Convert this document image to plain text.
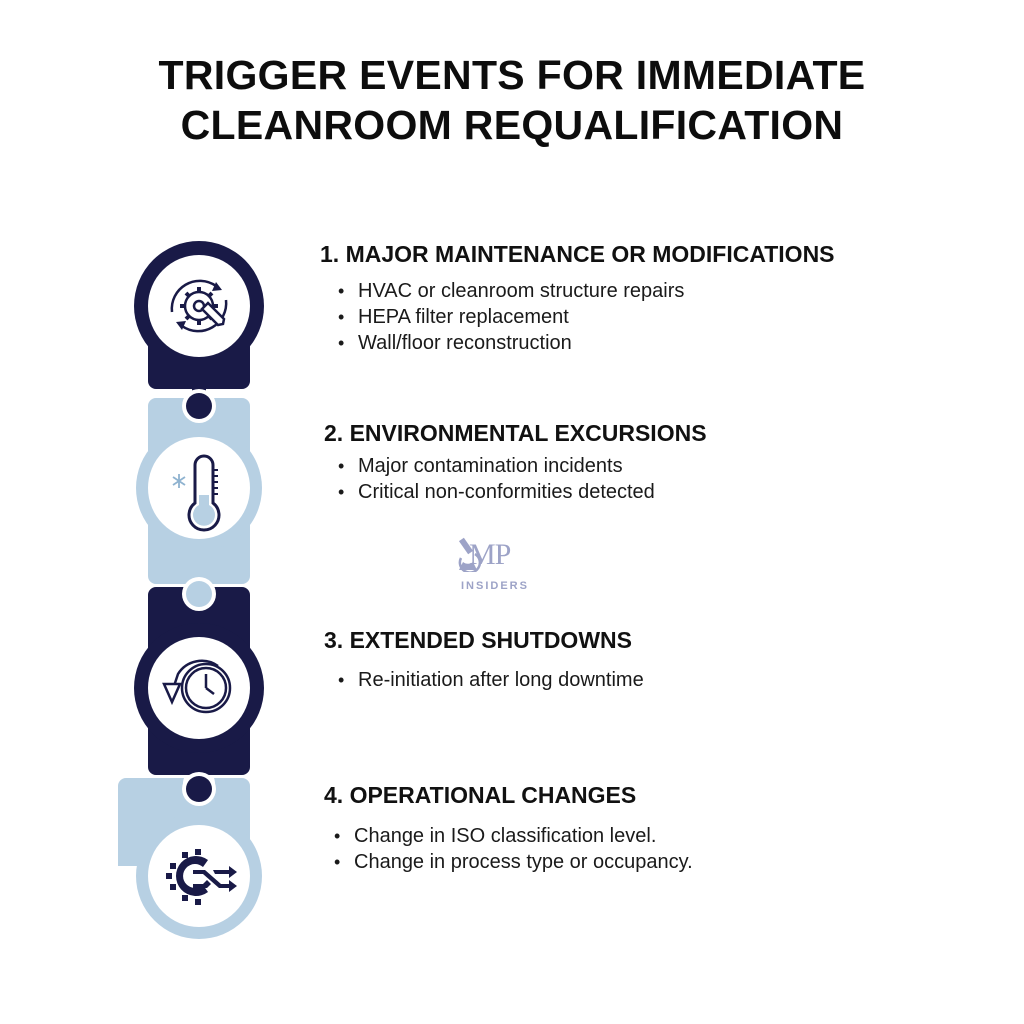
TRIGGER EVENTS FOR IMMEDIATE
CLEANROOM REQUALIFICATION
1. MAJOR MAINTENANCE OR MODIFICATIONS
• HVAC or cleanroom structure repairs
• HEPA filter replacement
• Wall/floor reconstruction
2. ENVIRONMENTAL EXCURSIONS
• Major contamination incidents
• Critical non-conformities detected
MP
INSIDERS
3. EXTENDED SHUTDOWNS
• Re-initiation after long downtime
4. OPERATIONAL CHANGES
• Change in ISO classification level.
• Change in process type or occupancy.
